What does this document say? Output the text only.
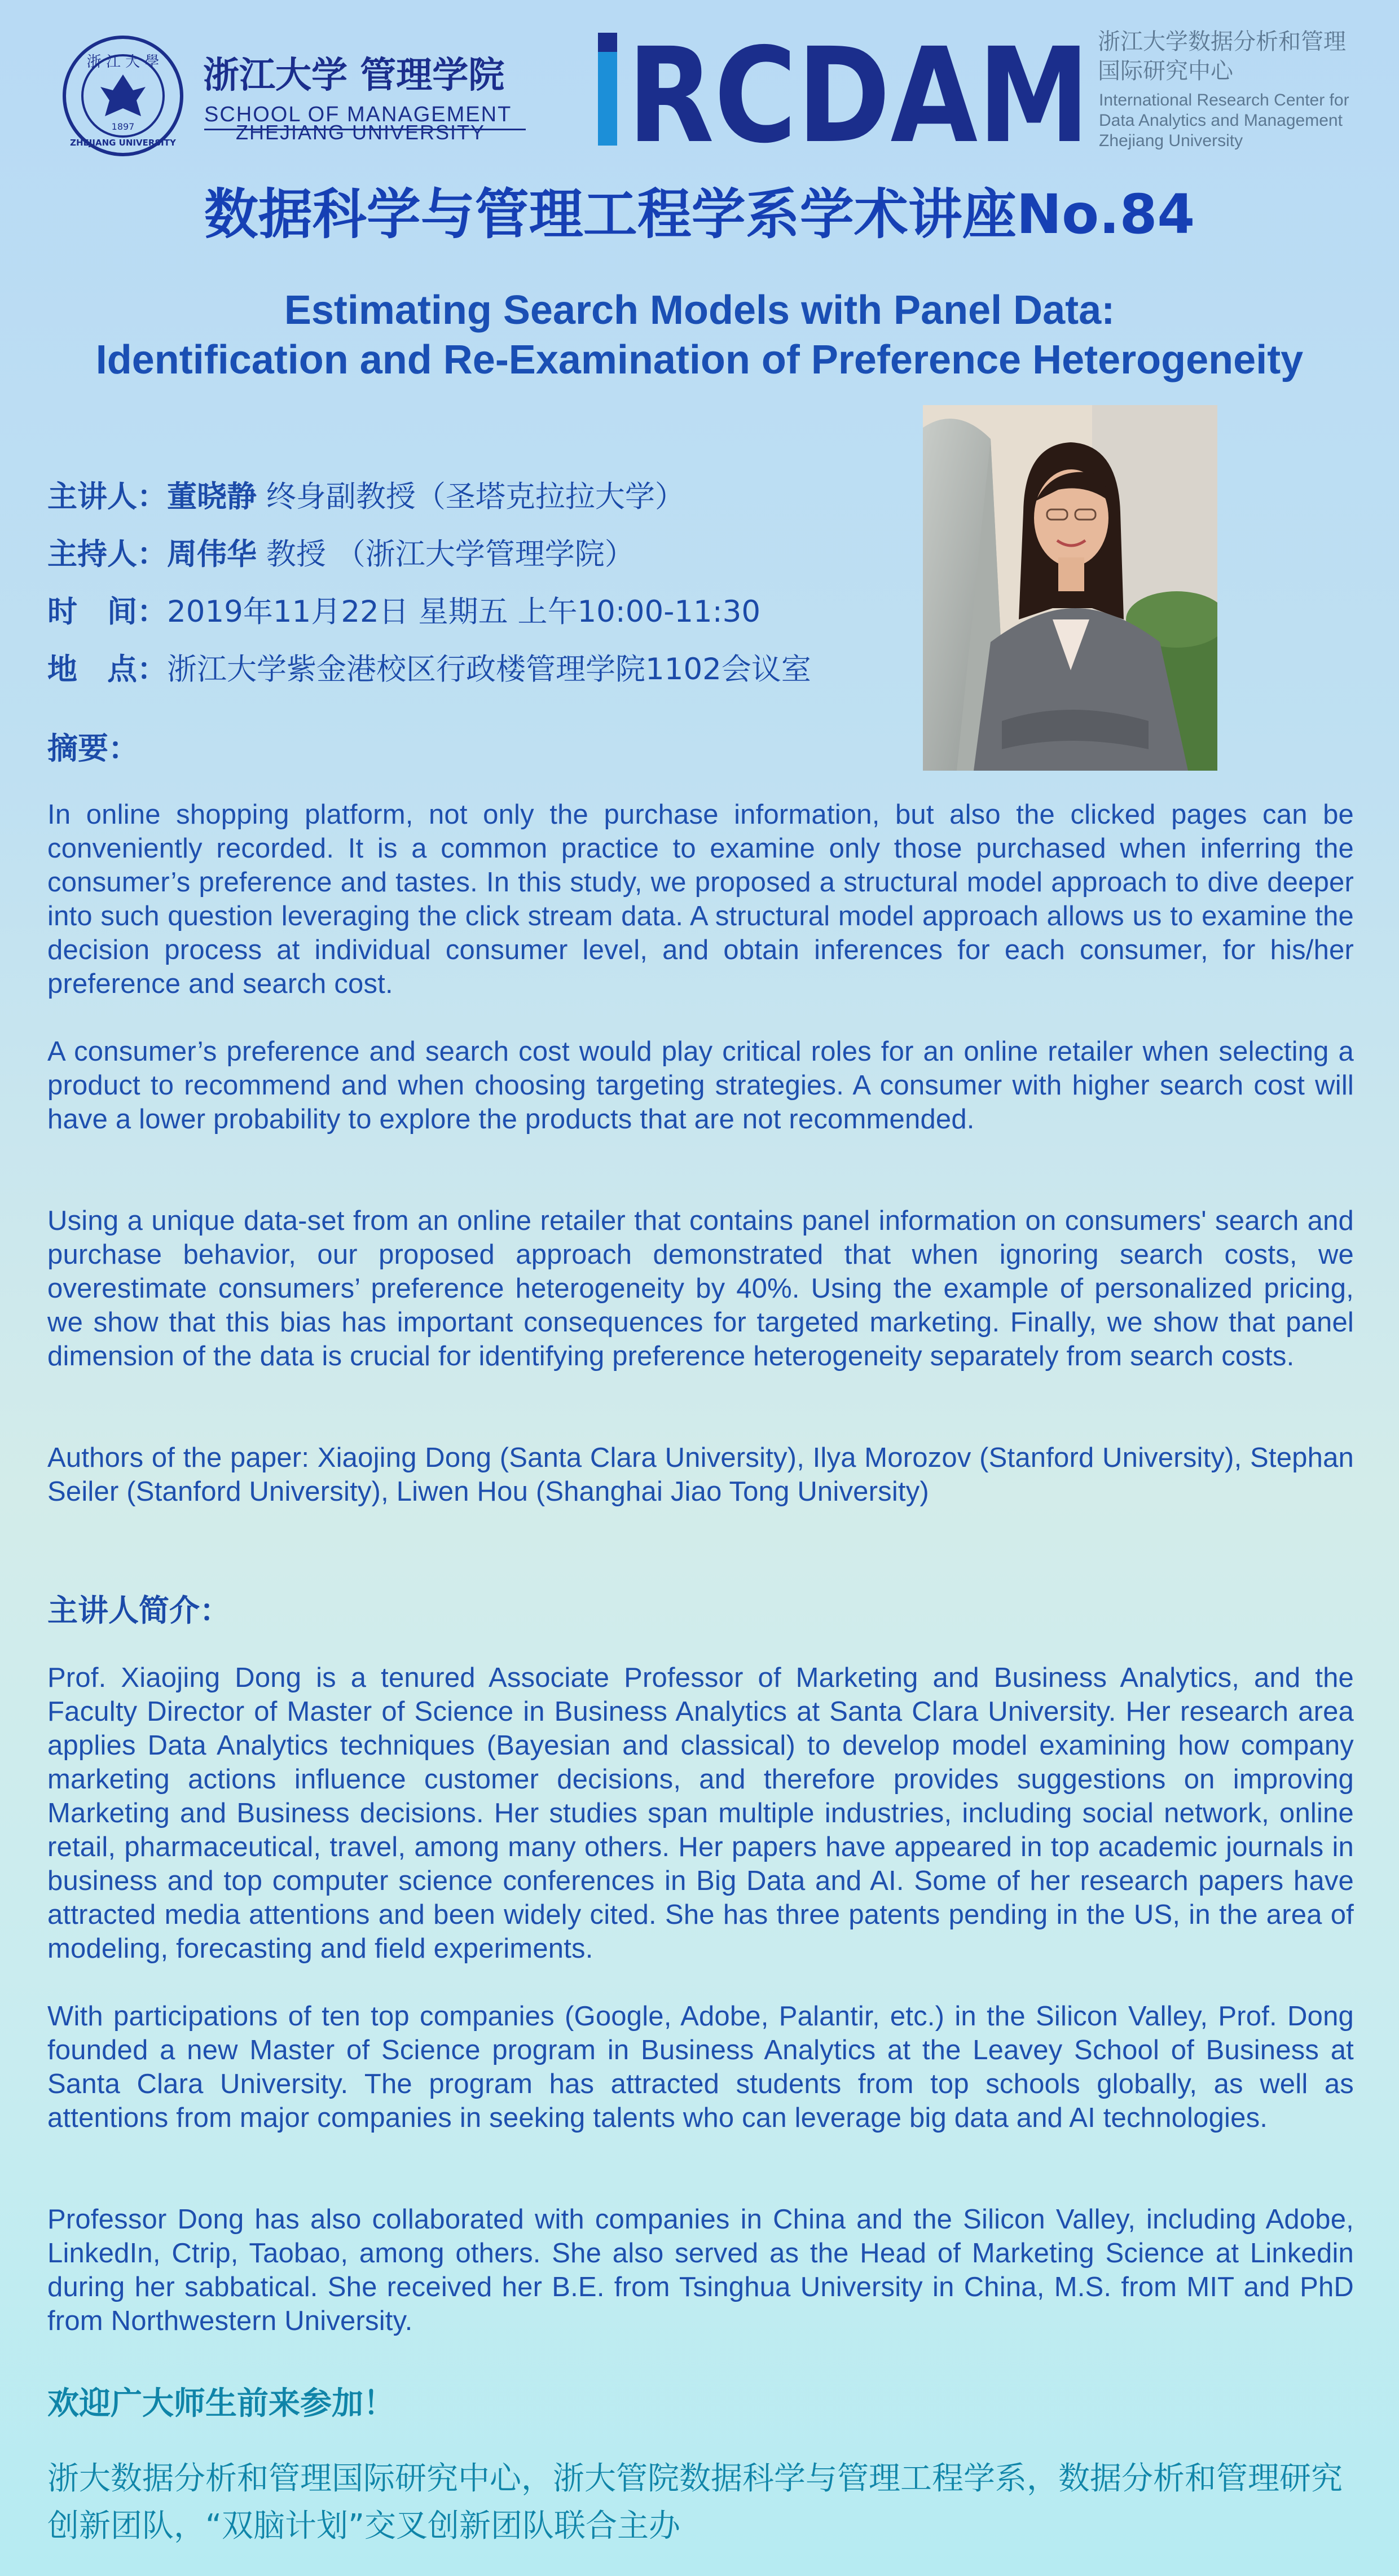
浙 江 大 學
1897
ZHEJIANG UNIVERSITY
浙江大学 管理学院
SCHOOL OF MANAGEMENT
ZHEJIANG UNIVERSITY RCDAM 浙江大学数据分析和管理国际研究中心
International Research Center for Data Analytics and Management Zhejiang University
数据科学与管理工程学系学术讲座No.84
Estimating Search Models with Panel Data:
Identification and Re-Examination of Preference Heterogeneity
主讲人：董晓静 终身副教授（圣塔克拉拉大学）
主持人：周伟华 教授 （浙江大学管理学院）
时　间：2019年11月22日 星期五 上午10:00-11:30
地　点：浙江大学紫金港校区行政楼管理学院1102会议室
摘要：

In online shopping platform, not only the purchase information, but also the clicked pages can be conveniently recorded. It is a common practice to examine only those purchased when inferring the consumer’s preference and tastes. In this study, we proposed a structural model approach to dive deeper into such question leveraging the click stream data. A structural model approach allows us to examine the decision process at individual consumer level, and obtain inferences for each consumer, for his/her preference and search cost.

A consumer’s preference and search cost would play critical roles for an online retailer when selecting a product to recommend and when choosing targeting strategies. A consumer with higher search cost will have a lower probability to explore the products that are not recommended.

Using a unique data-set from an online retailer that contains panel information on consumers' search and purchase behavior, our proposed approach demonstrated that when ignoring search costs, we overestimate consumers’ preference heterogeneity by 40%. Using the example of personalized pricing, we show that this bias has important consequences for targeted marketing. Finally, we show that panel dimension of the data is crucial for identifying preference heterogeneity separately from search costs.

Authors of the paper: Xiaojing Dong (Santa Clara University), Ilya Morozov (Stanford University), Stephan Seiler (Stanford University), Liwen Hou (Shanghai Jiao Tong University)

主讲人简介：

Prof. Xiaojing Dong is a tenured Associate Professor of Marketing and Business Analytics, and the Faculty Director of Master of Science in Business Analytics at Santa Clara University. Her research area applies Data Analytics techniques (Bayesian and classical) to develop model examining how company marketing actions influence customer decisions, and therefore provides suggestions on improving Marketing and Business decisions. Her studies span multiple industries, including social network, online retail, pharmaceutical, travel, among many others. Her papers have appeared in top academic journals in business and top computer science conferences in Big Data and AI. Some of her research papers have attracted media attentions and been widely cited. She has three patents pending in the US, in the area of modeling, forecasting and field experiments.

With participations of ten top companies (Google, Adobe, Palantir, etc.) in the Silicon Valley, Prof. Dong founded a new Master of Science program in Business Analytics at the Leavey School of Business at Santa Clara University. The program has attracted students from top schools globally, as well as attentions from major companies in seeking talents who can leverage big data and AI technologies.

Professor Dong has also collaborated with companies in China and the Silicon Valley, including Adobe, LinkedIn, Ctrip, Taobao, among others. She also served as the Head of Marketing Science at Linkedin during her sabbatical. She received her B.E. from Tsinghua University in China, M.S. from MIT and PhD from Northwestern University.

欢迎广大师生前来参加！
浙大数据分析和管理国际研究中心，浙大管院数据科学与管理工程学系，数据分析和管理研究创新团队，“双脑计划”交叉创新团队联合主办
